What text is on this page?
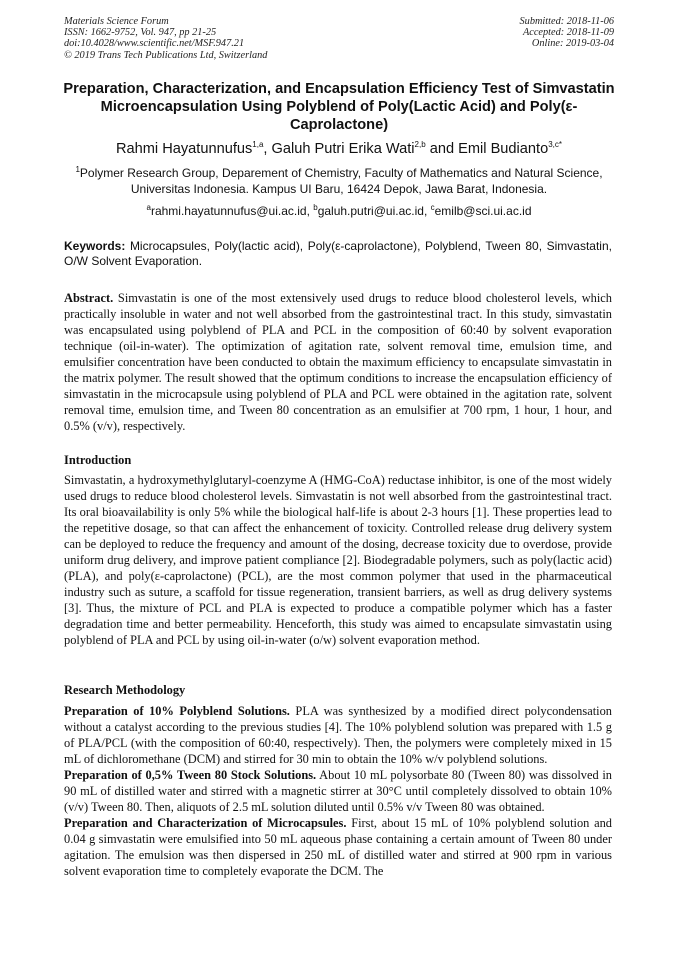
Materials Science Forum
ISSN: 1662-9752, Vol. 947, pp 21-25
doi:10.4028/www.scientific.net/MSF.947.21
© 2019 Trans Tech Publications Ltd, Switzerland
Submitted: 2018-11-06
Accepted: 2018-11-09
Online: 2019-03-04
Preparation, Characterization, and Encapsulation Efficiency Test of Simvastatin Microencapsulation Using Polyblend of Poly(Lactic Acid) and Poly(ε-Caprolactone)
Rahmi Hayatunnufus$^{1,a}$, Galuh Putri Erika Wati$^{2,b}$ and Emil Budianto$^{3,c*}$
$^1$Polymer Research Group, Deparement of Chemistry, Faculty of Mathematics and Natural Science, Universitas Indonesia. Kampus UI Baru, 16424 Depok, Jawa Barat, Indonesia.
$^a$rahmi.hayatunnufus@ui.ac.id, $^b$galuh.putri@ui.ac.id, $^c$emilb@sci.ui.ac.id
Keywords: Microcapsules, Poly(lactic acid), Poly(ε-caprolactone), Polyblend, Tween 80, Simvastatin, O/W Solvent Evaporation.
Abstract. Simvastatin is one of the most extensively used drugs to reduce blood cholesterol levels, which practically insoluble in water and not well absorbed from the gastrointestinal tract. In this study, simvastatin was encapsulated using polyblend of PLA and PCL in the composition of 60:40 by solvent evaporation technique (oil-in-water). The optimization of agitation rate, solvent removal time, emulsion time, and emulsifier concentration have been conducted to obtain the maximum efficiency to encapsulate simvastatin in the matrix polymer. The result showed that the optimum conditions to increase the encapsulation efficiency of simvastatin in the microcapsule using polyblend of PLA and PCL were obtained in the agitation rate, solvent removal time, emulsion time, and Tween 80 concentration as an emulsifier at 700 rpm, 1 hour, 1 hour, and 0.5% (v/v), respectively.
Introduction
Simvastatin, a hydroxymethylglutaryl-coenzyme A (HMG-CoA) reductase inhibitor, is one of the most widely used drugs to reduce blood cholesterol levels. Simvastatin is not well absorbed from the gastrointestinal tract. Its oral bioavailability is only 5% while the biological half-life is about 2-3 hours [1]. These properties lead to the repetitive dosage, so that can affect the enhancement of toxicity. Controlled release drug delivery system can be deployed to reduce the frequency and amount of the dosing, decrease toxicity due to overdose, provide uniform drug delivery, and improve patient compliance [2]. Biodegradable polymers, such as poly(lactic acid) (PLA), and poly(ε-caprolactone) (PCL), are the most common polymer that used in the pharmaceutical industry such as suture, a scaffold for tissue regeneration, transient barriers, as well as drug delivery systems [3]. Thus, the mixture of PCL and PLA is expected to produce a compatible polymer which has a faster degradation time and better permeability. Henceforth, this study was aimed to encapsulate simvastatin using polyblend of PLA and PCL by using oil-in-water (o/w) solvent evaporation method.
Research Methodology

Preparation of 10% Polyblend Solutions. PLA was synthesized by a modified direct polycondensation without a catalyst according to the previous studies [4]. The 10% polyblend solution was prepared with 1.5 g of PLA/PCL (with the composition of 60:40, respectively). Then, the polymers were completely mixed in 15 mL of dichloromethane (DCM) and stirred for 30 min to obtain the 10% w/v polyblend solutions.

Preparation of 0,5% Tween 80 Stock Solutions. About 10 mL polysorbate 80 (Tween 80) was dissolved in 90 mL of distilled water and stirred with a magnetic stirrer at 30°C until completely dissolved to obtain 10% (v/v) Tween 80. Then, aliquots of 2.5 mL solution diluted until 0.5% v/v Tween 80 was obtained.

Preparation and Characterization of Microcapsules. First, about 15 mL of 10% polyblend solution and 0.04 g simvastatin were emulsified into 50 mL aqueous phase containing a certain amount of Tween 80 under agitation. The emulsion was then dispersed in 250 mL of distilled water and stirred at 900 rpm in various solvent evaporation time to completely evaporate the DCM. The
